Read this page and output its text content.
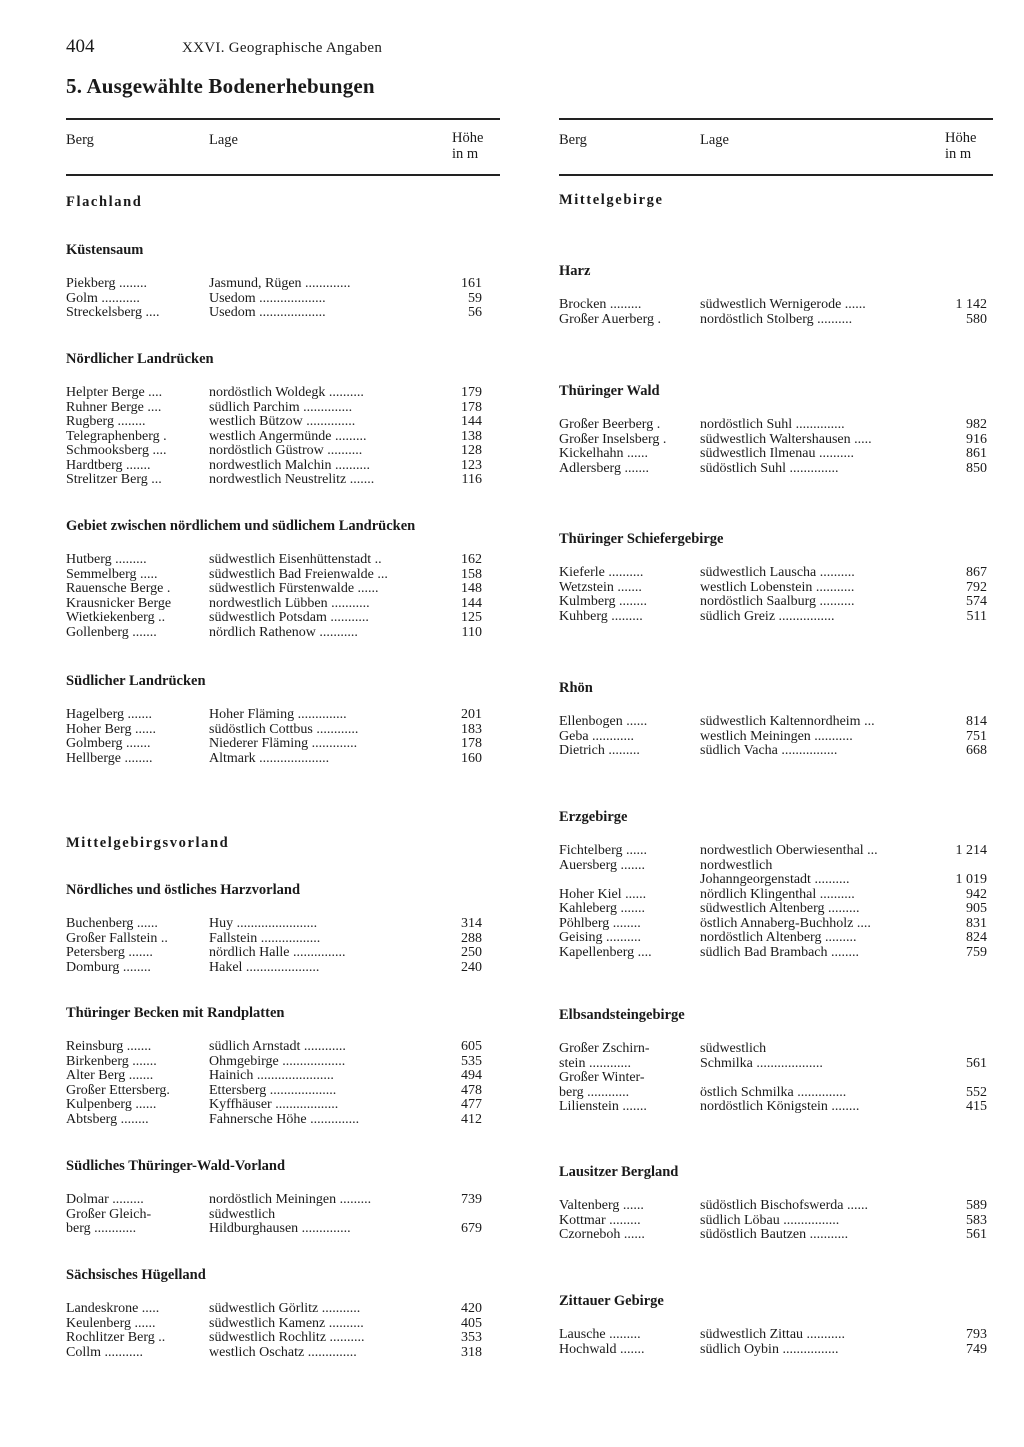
404	XXVI. Geographische Angaben
5. Ausgewählte Bodenerhebungen
Berg	Lage	Höhe
in m
Flachland
Küstensaum
Piekberg ........	Jasmund, Rügen .............	161
Golm ...........	Usedom ...................	59
Streckelsberg ....	Usedom ...................	56
Nördlicher Landrücken
Helpter Berge ....	nordöstlich Woldegk ..........	179
Ruhner Berge ....	südlich Parchim ..............	178
Rugberg ........	westlich Bützow ..............	144
Telegraphenberg .	westlich Angermünde .........	138
Schmooksberg ....	nordöstlich Güstrow ..........	128
Hardtberg .......	nordwestlich Malchin ..........	123
Strelitzer Berg ...	nordwestlich Neustrelitz .......	116
Gebiet zwischen nördlichem und südlichem Landrücken
Hutberg .........	südwestlich Eisenhüttenstadt ..	162
Semmelberg .....	südwestlich Bad Freienwalde ...	158
Rauensche Berge .	südwestlich Fürstenwalde ......	148
Krausnicker Berge	nordwestlich Lübben ...........	144
Wietkiekenberg ..	südwestlich Potsdam ...........	125
Gollenberg .......	nördlich Rathenow ...........	110
Südlicher Landrücken
Hagelberg .......	Hoher Fläming ..............	201
Hoher Berg ......	südöstlich Cottbus ............	183
Golmberg .......	Niederer Fläming .............	178
Hellberge ........	Altmark ....................	160
Mittelgebirgsvorland
Nördliches und östliches Harzvorland
Buchenberg ......	Huy .......................	314
Großer Fallstein ..	Fallstein .................	288
Petersberg .......	nördlich Halle ...............	250
Domburg ........	Hakel .....................	240
Thüringer Becken mit Randplatten
Reinsburg .......	südlich Arnstadt ............	605
Birkenberg .......	Ohmgebirge ..................	535
Alter Berg .......	Hainich ......................	494
Großer Ettersberg.	Ettersberg ...................	478
Kulpenberg ......	Kyffhäuser ..................	477
Abtsberg ........	Fahnersche Höhe ..............	412
Südliches Thüringer-Wald-Vorland
Dolmar .........	nordöstlich Meiningen .........	739
Großer Gleich-	südwestlich
berg ............	Hildburghausen ..............	679
Sächsisches Hügelland
Landeskrone .....	südwestlich Görlitz ...........	420
Keulenberg ......	südwestlich Kamenz ..........	405
Rochlitzer Berg ..	südwestlich Rochlitz ..........	353
Collm ...........	westlich Oschatz ..............	318
Berg	Lage	Höhe
in m
Mittelgebirge
Harz
Brocken .........	südwestlich Wernigerode ......	1 142
Großer Auerberg .	nordöstlich Stolberg ..........	580
Thüringer Wald
Großer Beerberg .	nordöstlich Suhl ..............	982
Großer Inselsberg .	südwestlich Waltershausen .....	916
Kickelhahn ......	südwestlich Ilmenau ..........	861
Adlersberg .......	südöstlich Suhl ..............	850
Thüringer Schiefergebirge
Kieferle ..........	südwestlich Lauscha ..........	867
Wetzstein .......	westlich Lobenstein ...........	792
Kulmberg ........	nordöstlich Saalburg ..........	574
Kuhberg .........	südlich Greiz ................	511
Rhön
Ellenbogen ......	südwestlich Kaltennordheim ...	814
Geba ............	westlich Meiningen ...........	751
Dietrich .........	südlich Vacha ................	668
Erzgebirge
Fichtelberg ......	nordwestlich Oberwiesenthal ...	1 214
Auersberg .......	nordwestlich
Johanngeorgenstadt ..........	1 019
Hoher Kiel ......	nördlich Klingenthal ..........	942
Kahleberg .......	südwestlich Altenberg .........	905
Pöhlberg ........	östlich Annaberg-Buchholz ....	831
Geising ..........	nordöstlich Altenberg .........	824
Kapellenberg ....	südlich Bad Brambach ........	759
Elbsandsteingebirge
Großer Zschirn-	südwestlich
stein ............	Schmilka ...................	561
Großer Winter-
berg ............	östlich Schmilka ..............	552
Lilienstein .......	nordöstlich Königstein ........	415
Lausitzer Bergland
Valtenberg ......	südöstlich Bischofswerda ......	589
Kottmar .........	südlich Löbau ................	583
Czorneboh ......	südöstlich Bautzen ...........	561
Zittauer Gebirge
Lausche .........	südwestlich Zittau ...........	793
Hochwald .......	südlich Oybin ................	749
